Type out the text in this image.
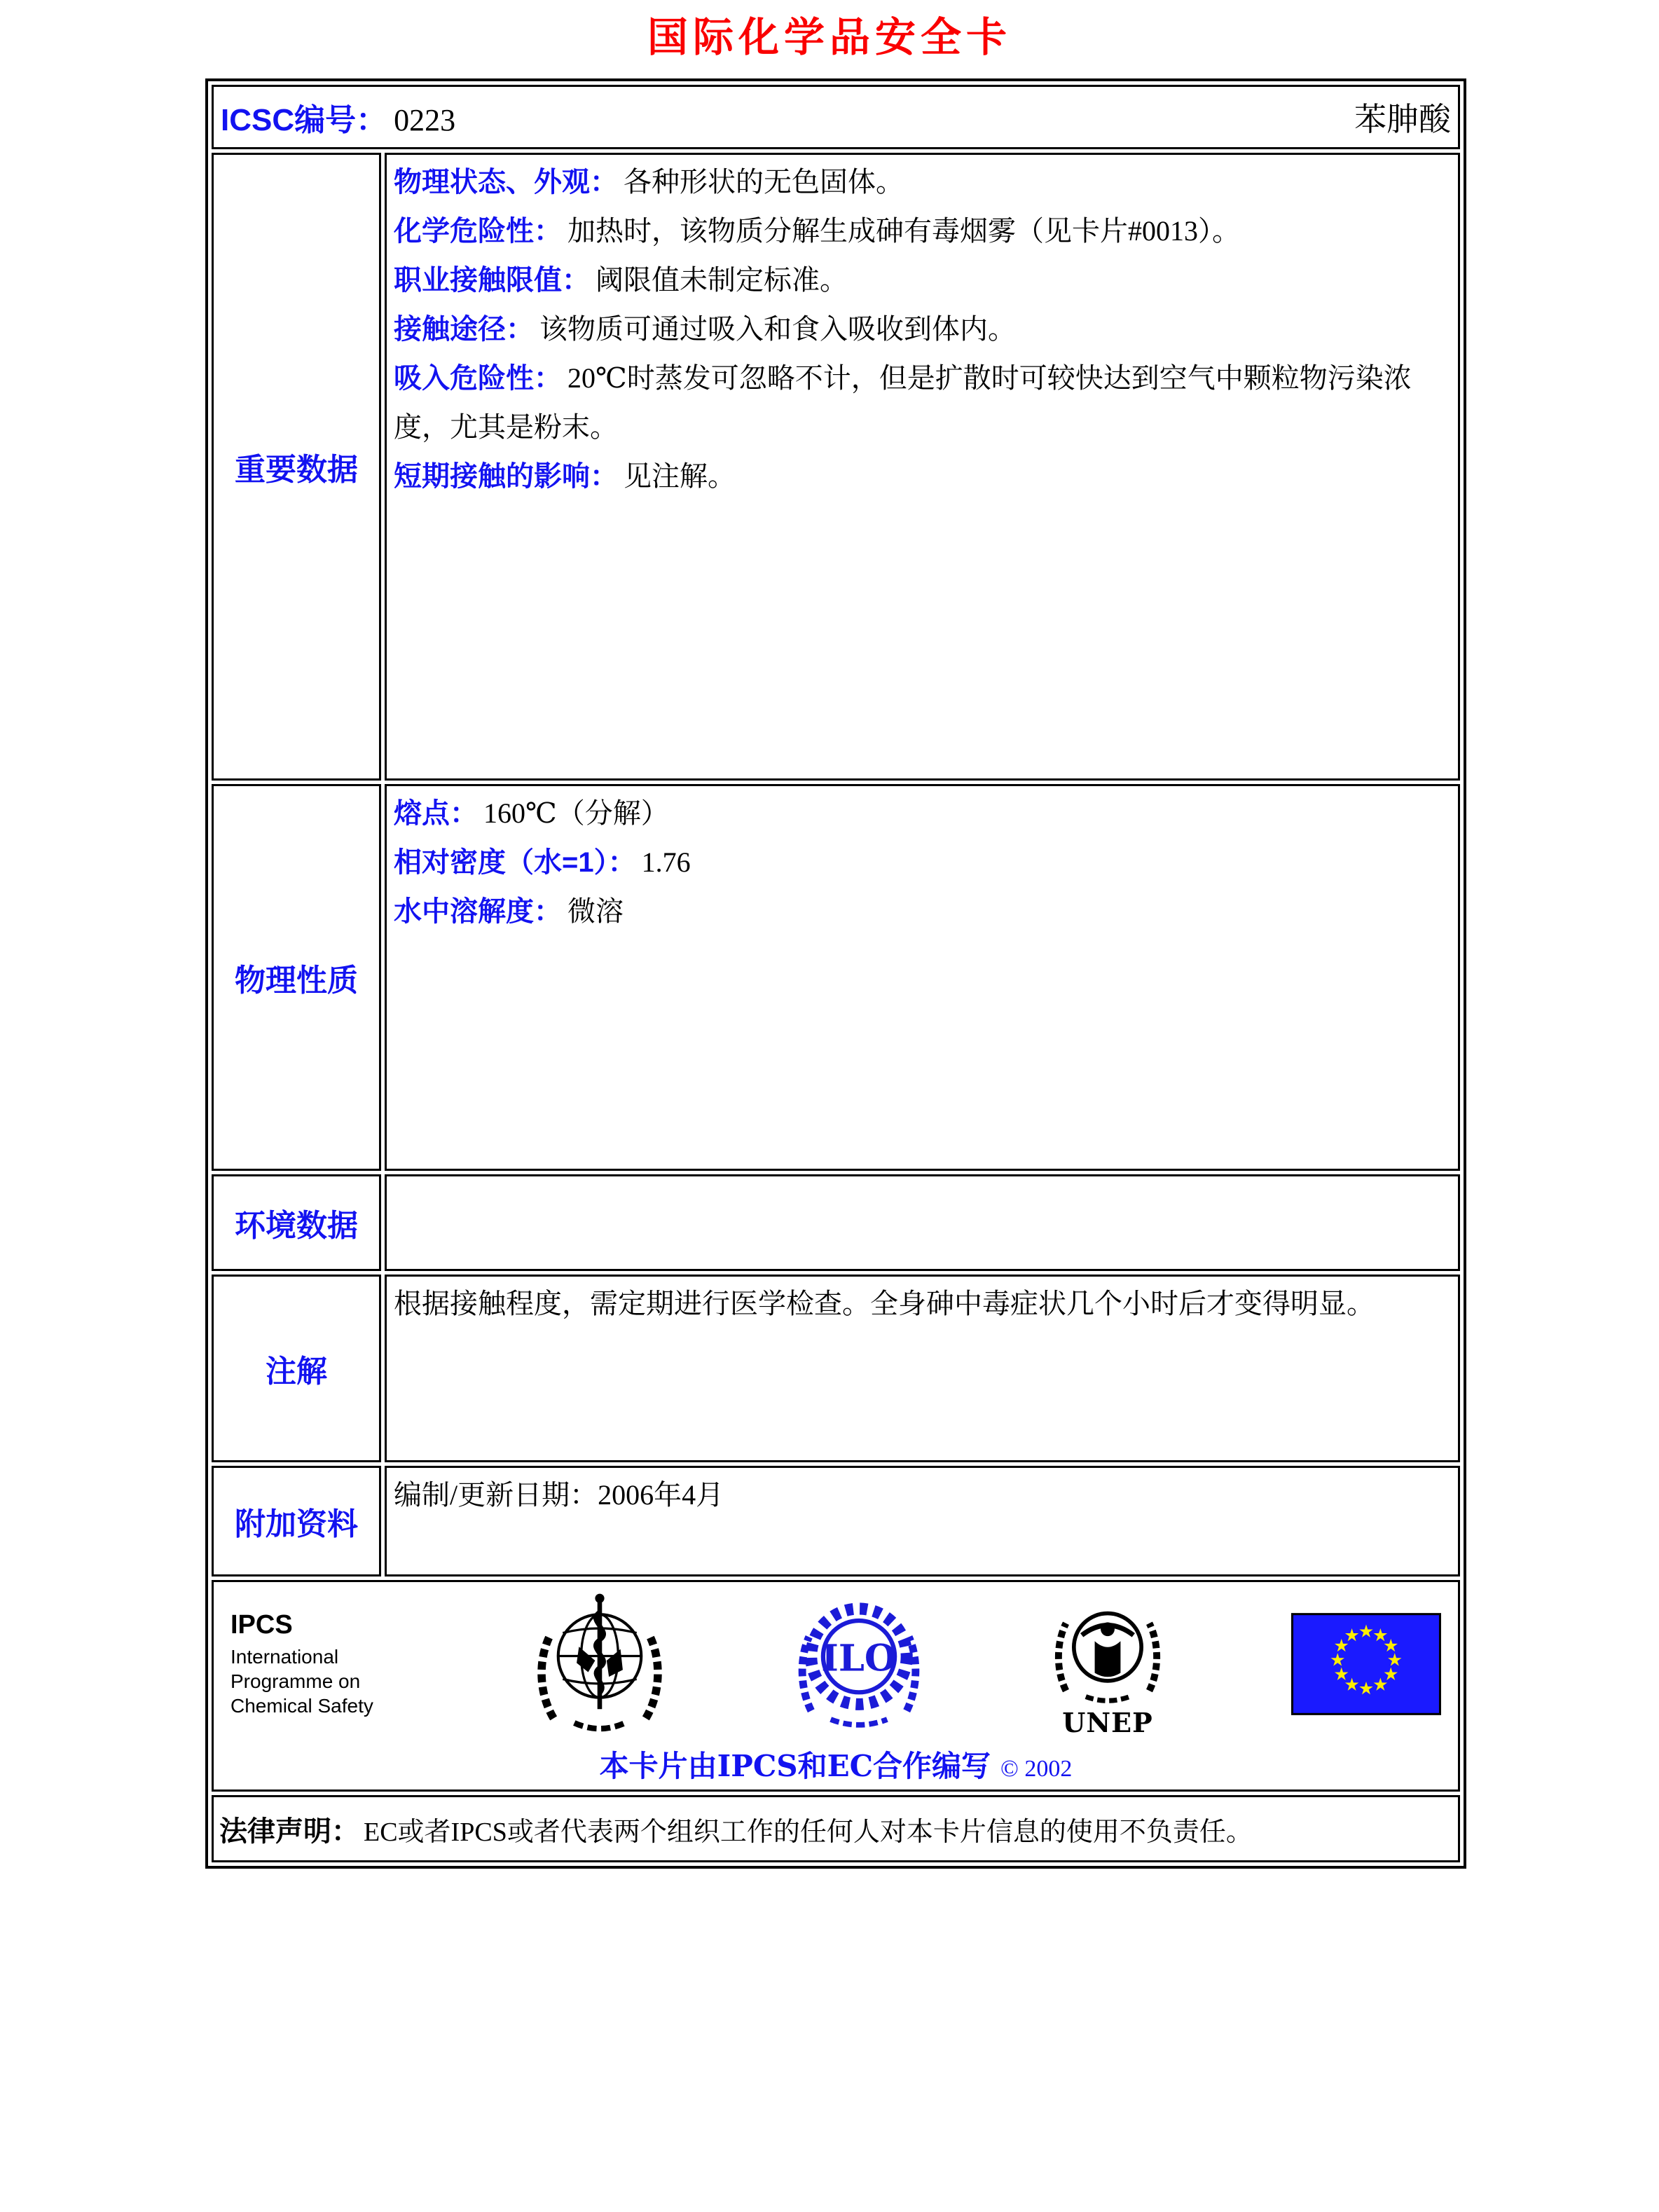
国际化学品安全卡
ICSC编号： 0223 苯胂酸	

重要数据	
物理状态、外观： 各种形状的无色固体。
化学危险性： 加热时，该物质分解生成砷有毒烟雾（见卡片#0013）。
职业接触限值： 阈限值未制定标准。
接触途径： 该物质可通过吸入和食入吸收到体内。
吸入危险性： 20℃时蒸发可忽略不计，但是扩散时可较快达到空气中颗粒物污染浓度，尤其是粉末。
短期接触的影响： 见注解。

物理性质	熔点： 160℃（分解）
相对密度（水=1）： 1.76
水中溶解度： 微溶

环境数据	
注解	根据接触程度，需定期进行医学检查。全身砷中毒症状几个小时后才变得明显。

附加资料	编制/更新日期：2006年4月

IPCS
International
Programme on
Chemical Safety
ILO
UNEP
本卡片由IPCS和EC合作编写 © 2002

法律声明： EC或者IPCS或者代表两个组织工作的任何人对本卡片信息的使用不负责任。	
